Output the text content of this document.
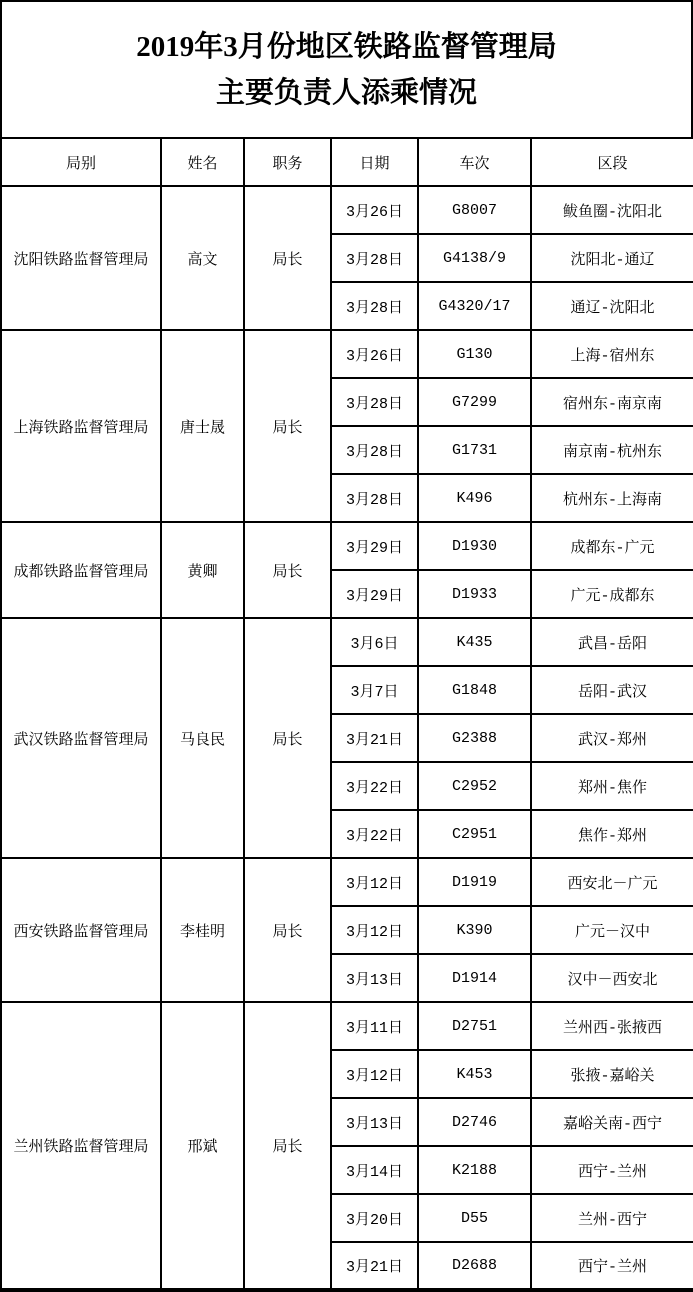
2019年3月份地区铁路监督管理局
主要负责人添乘情况
局别	姓名	职务	日期	车次	区段
沈阳铁路监督管理局	高文	局长	3月26日	G8007	鲅鱼圈-沈阳北
			3月28日	G4138/9	沈阳北-通辽
			3月28日	G4320/17	通辽-沈阳北
上海铁路监督管理局	唐士晟	局长	3月26日	G130	上海-宿州东
			3月28日	G7299	宿州东-南京南
			3月28日	G1731	南京南-杭州东
			3月28日	K496	杭州东-上海南
成都铁路监督管理局	黄卿	局长	3月29日	D1930	成都东-广元
			3月29日	D1933	广元-成都东
武汉铁路监督管理局	马良民	局长	3月6日	K435	武昌-岳阳
			3月7日	G1848	岳阳-武汉
			3月21日	G2388	武汉-郑州
			3月22日	C2952	郑州-焦作
			3月22日	C2951	焦作-郑州
西安铁路监督管理局	李桂明	局长	3月12日	D1919	西安北－广元
			3月12日	K390	广元－汉中
			3月13日	D1914	汉中－西安北
兰州铁路监督管理局	邢斌	局长	3月11日	D2751	兰州西-张掖西
			3月12日	K453	张掖-嘉峪关
			3月13日	D2746	嘉峪关南-西宁
			3月14日	K2188	西宁-兰州
			3月20日	D55	兰州-西宁
			3月21日	D2688	西宁-兰州
